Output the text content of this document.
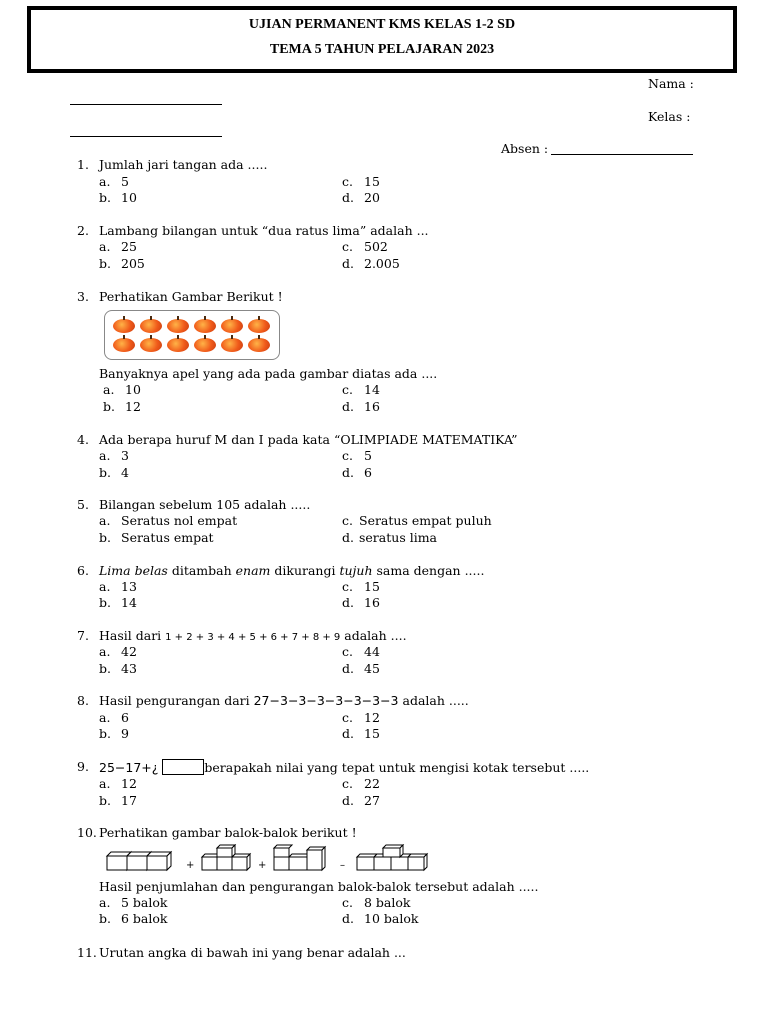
UJIAN PERMANENT KMS KELAS 1-2 SD
TEMA 5 TAHUN PELAJARAN 2023
Nama :
Kelas :
Absen :
1. Jumlah jari tangan ada .....
a. 5
b. 10
c. 15
d. 20
2. Lambang bilangan untuk “dua ratus lima” adalah ...
a. 25
b. 205
c. 502
d. 2.005
3. Perhatikan Gambar Berikut !
Banyaknya apel yang ada pada gambar diatas ada ....
a. 10
b. 12
c. 14
d. 16
4. Ada berapa huruf M dan I pada kata “OLIMPIADE MATEMATIKA”
a. 3
b. 4
c. 5
d. 6
5. Bilangan sebelum 105 adalah .....
a. Seratus nol empat
b. Seratus empat
c. Seratus empat puluh
d. seratus lima
6. Lima belas ditambah enam dikurangi tujuh sama dengan .....
a. 13
b. 14
c. 15
d. 16
7. Hasil dari 1 + 2 + 3 + 4 + 5 + 6 + 7 + 8 + 9 adalah ....
a. 42
b. 43
c. 44
d. 45
8. Hasil pengurangan dari 27−3−3−3−3−3−3−3 adalah .....
a. 6
b. 9
c. 12
d. 15
9. 25−17+¿	berapakah nilai yang tepat untuk mengisi kotak tersebut .....
a. 12
b. 17
c. 22
d. 27
10. Perhatikan gambar balok-balok berikut !
+	+	–
Hasil penjumlahan dan pengurangan balok-balok tersebut adalah .....
a. 5 balok
b. 6 balok
c. 8 balok
d. 10 balok
11. Urutan angka di bawah ini yang benar adalah ...
